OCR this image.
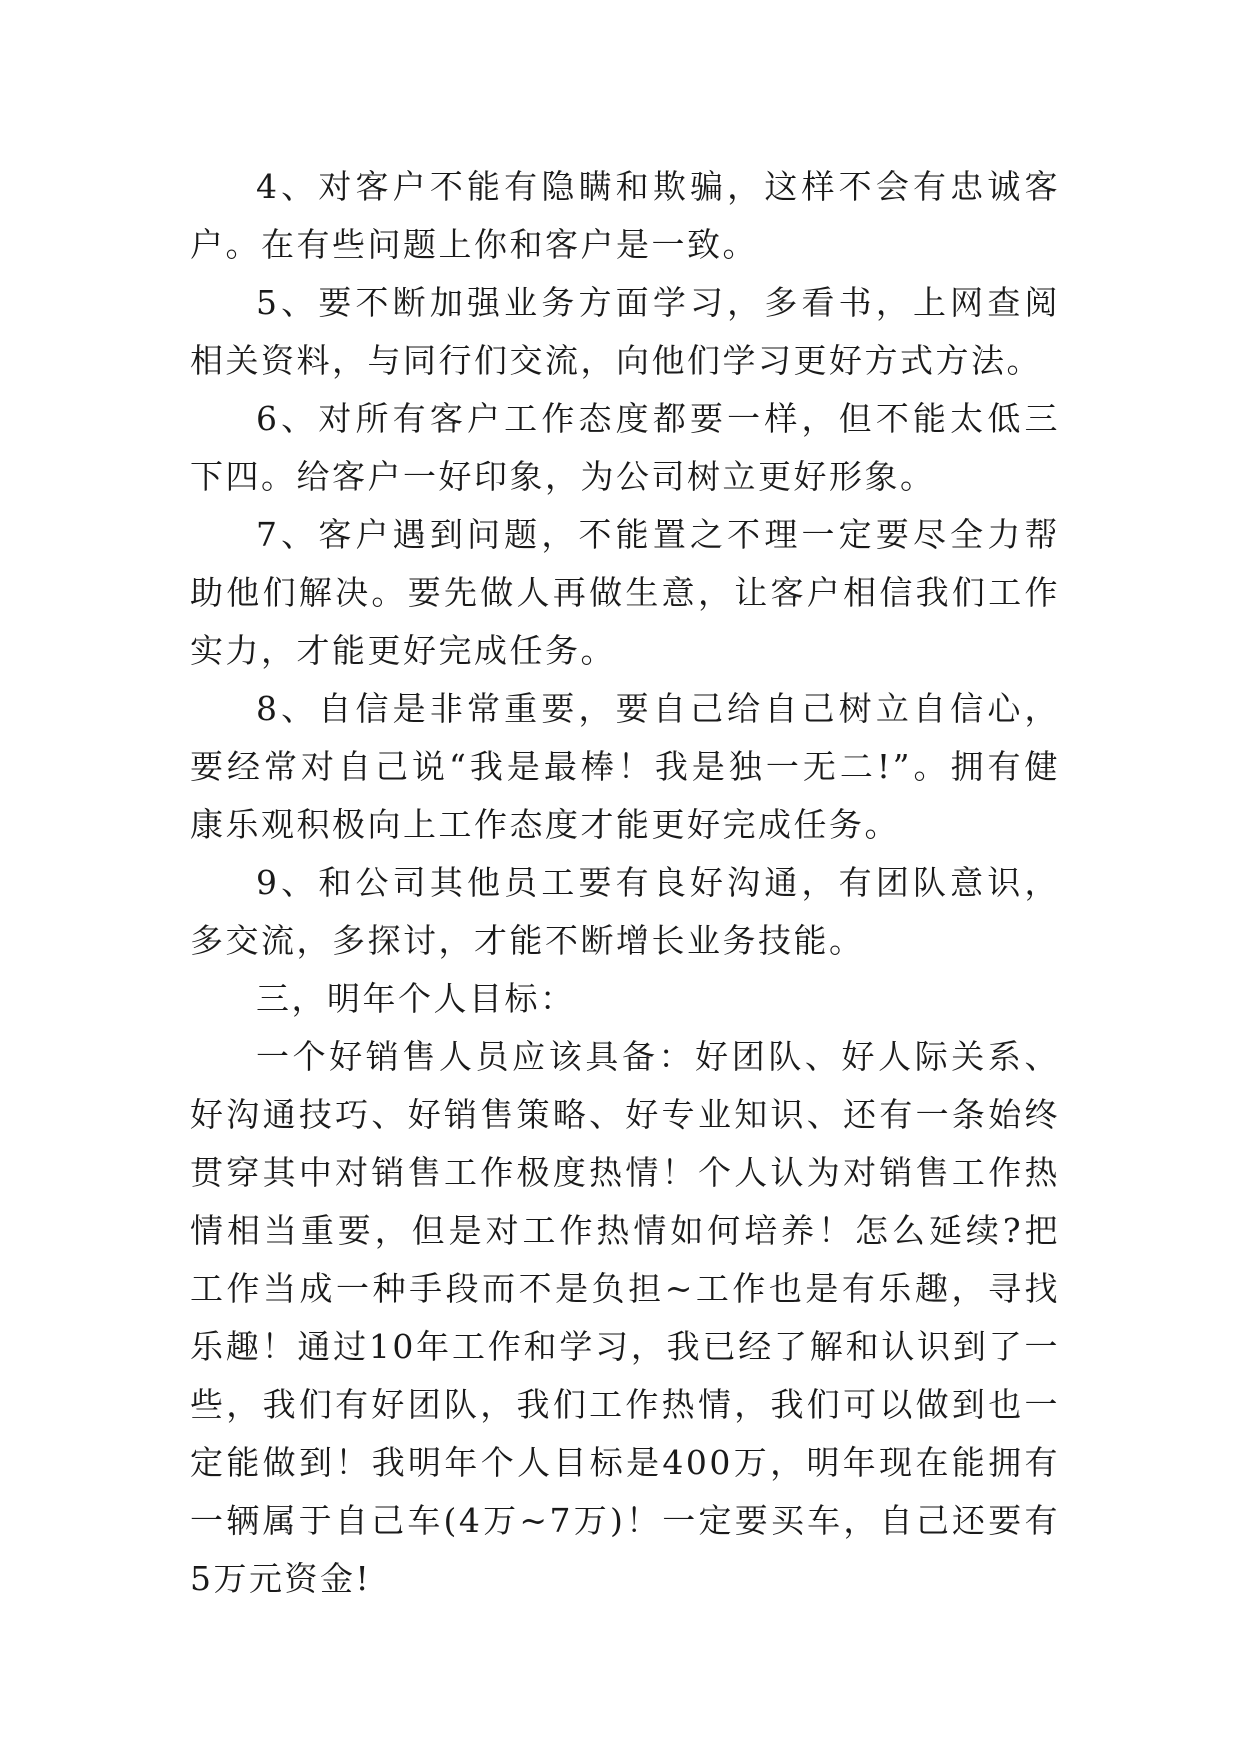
4、对客户不能有隐瞒和欺骗，这样不会有忠诚客户。在有些问题上你和客户是一致。

5、要不断加强业务方面学习，多看书，上网查阅相关资料，与同行们交流，向他们学习更好方式方法。

6、对所有客户工作态度都要一样，但不能太低三下四。给客户一好印象，为公司树立更好形象。

7、客户遇到问题，不能置之不理一定要尽全力帮助他们解决。要先做人再做生意，让客户相信我们工作实力，才能更好完成任务。

8、自信是非常重要，要自己给自己树立自信心，要经常对自己说“我是最棒！我是独一无二!”。拥有健康乐观积极向上工作态度才能更好完成任务。

9、和公司其他员工要有良好沟通，有团队意识，多交流，多探讨，才能不断增长业务技能。

三，明年个人目标：

一个好销售人员应该具备：好团队、好人际关系、好沟通技巧、好销售策略、好专业知识、还有一条始终贯穿其中对销售工作极度热情！个人认为对销售工作热情相当重要，但是对工作热情如何培养！怎么延续?把工作当成一种手段而不是负担~工作也是有乐趣，寻找乐趣！通过10年工作和学习，我已经了解和认识到了一些，我们有好团队，我们工作热情，我们可以做到也一定能做到！我明年个人目标是400万，明年现在能拥有一辆属于自己车(4万~7万)！一定要买车，自己还要有5万元资金!
